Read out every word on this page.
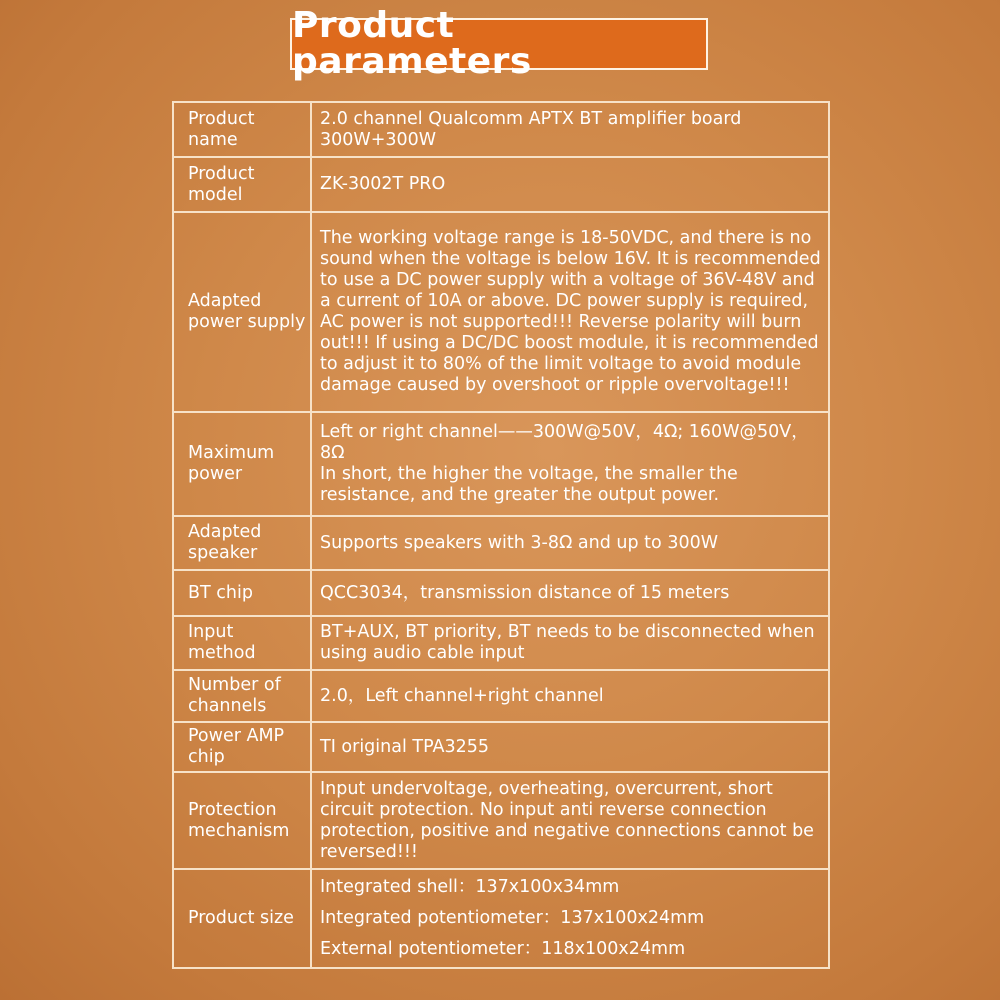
Product parameters
Product name	2.0 channel Qualcomm APTX BT amplifier board 300W+300W
Product model	ZK-3002T PRO
Adapted power supply	The working voltage range is 18-50VDC, and there is no sound when the voltage is below 16V. It is recommended to use a DC power supply with a voltage of 36V-48V and a current of 10A or above. DC power supply is required, AC power is not supported!!! Reverse polarity will burn out!!! If using a DC/DC boost module, it is recommended to adjust it to 80% of the limit voltage to avoid module damage caused by overshoot or ripple overvoltage!!!
Maximum power	Left or right channel——300W@50V，4Ω; 160W@50V，8Ω
In short, the higher the voltage, the smaller the resistance, and the greater the output power.

Adapted speaker	Supports speakers with 3-8Ω and up to 300W
BT chip	QCC3034，transmission distance of 15 meters
Input method	BT+AUX, BT priority, BT needs to be disconnected when using audio cable input
Number of channels	2.0，Left channel+right channel
Power AMP chip	TI original TPA3255
Protection mechanism	Input undervoltage, overheating, overcurrent, short circuit protection. No input anti reverse connection protection, positive and negative connections cannot be reversed!!!
Product size	Integrated shell：137x100x34mm
Integrated potentiometer：137x100x24mm
External potentiometer：118x100x24mm
